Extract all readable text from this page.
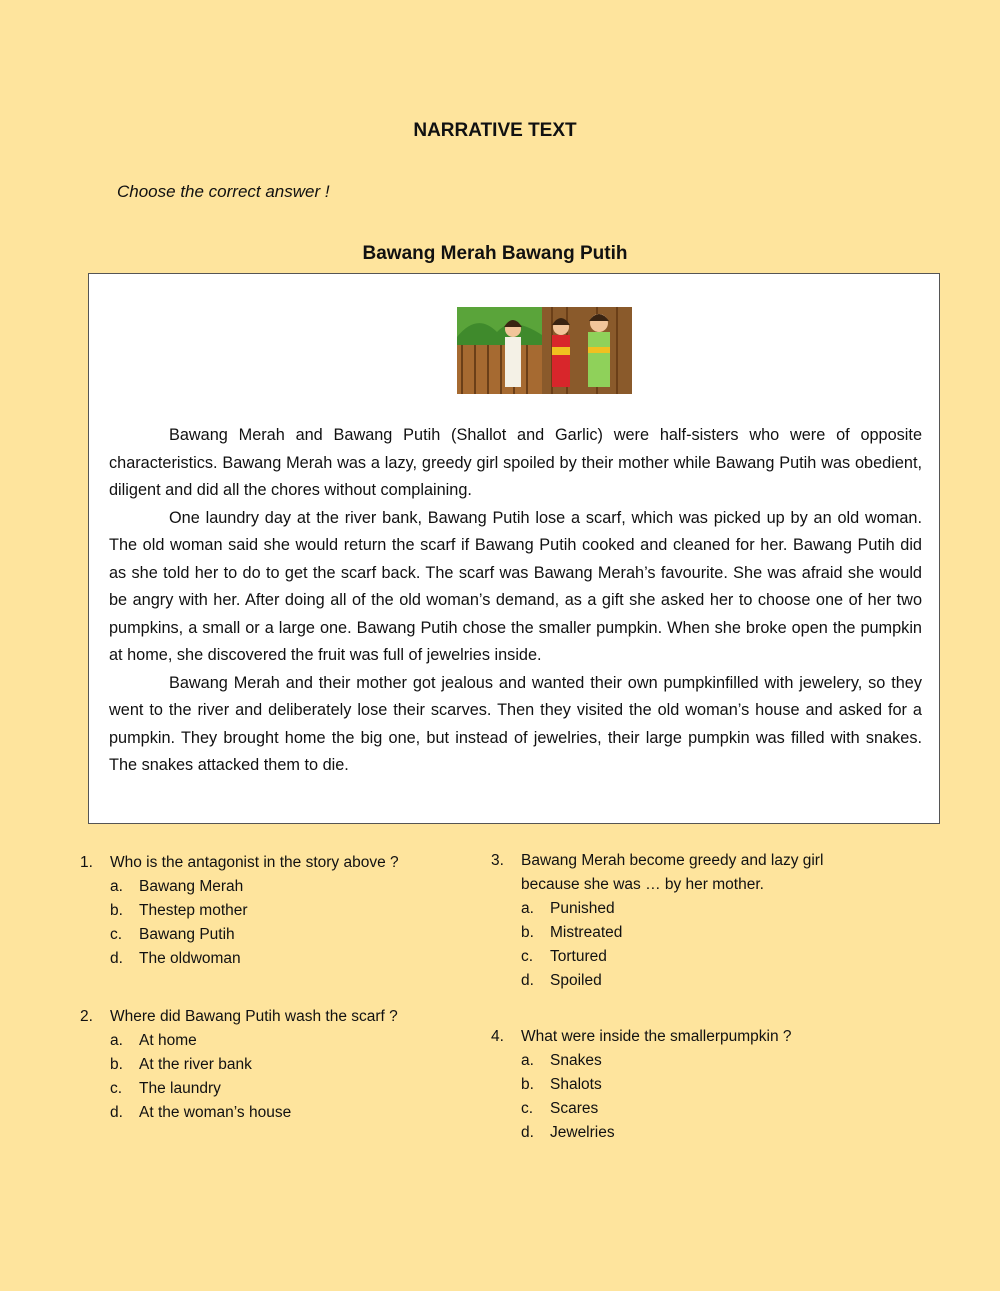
NARRATIVE TEXT
Choose the correct answer !
Bawang Merah Bawang Putih

Bawang Merah and Bawang Putih (Shallot and Garlic) were half-sisters who were of opposite characteristics. Bawang Merah was a lazy, greedy girl spoiled by their mother while Bawang Putih was obedient, diligent and did all the chores without complaining.

One laundry day at the river bank, Bawang Putih lose a scarf, which was picked up by an old woman. The old woman said she would return the scarf if Bawang Putih cooked and cleaned for her. Bawang Putih did as she told her to do to get the scarf back. The scarf was Bawang Merah’s favourite. She was afraid she would be angry with her. After doing all of the old woman’s demand, as a gift she asked her to choose one of her two pumpkins, a small or a large one. Bawang Putih chose the smaller pumpkin. When she broke open the pumpkin at home, she discovered the fruit was full of jewelries inside.

Bawang Merah and their mother got jealous and wanted their own pumpkinfilled with jewelery, so they went to the river and deliberately lose their scarves. Then they visited the old woman’s house and asked for a pumpkin. They brought home the big one, but instead of jewelries, their large pumpkin was filled with snakes. The snakes attacked them to die.

1. Who is the antagonist in the story above ?
a. Bawang Merah
b. Thestep mother
c. Bawang Putih
d. The oldwoman
2. Where did Bawang Putih wash the scarf ?
a. At home
b. At the river bank
c. The laundry
d. At the woman’s house
3. Bawang Merah become greedy and lazy girl because she was … by her mother.
a. Punished
b. Mistreated
c. Tortured
d. Spoiled
4. What were inside the smallerpumpkin ?
a. Snakes
b. Shalots
c. Scares
d. Jewelries
